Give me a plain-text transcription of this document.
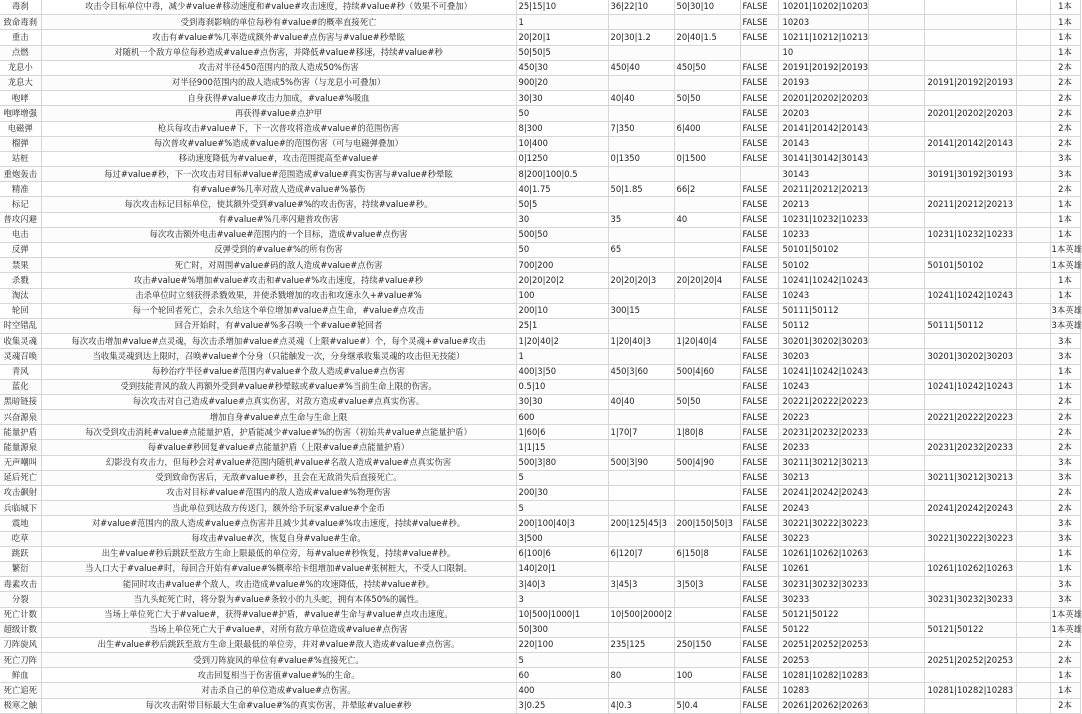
毒刹	攻击令目标单位中毒，减少#value#移动速度和#value#攻击速度，持续#value#秒（效果不可叠加）	25|15|10	36|22|10	50|30|10	FALSE	10201|10202|10203				1本
致命毒刹	受到毒刹影响的单位每秒有#value#的概率直接死亡	1			FALSE	10203				1本
重击	攻击有#value#%几率造成额外#value#点伤害与#value#秒晕眩	20|20|1	20|30|1.2	20|40|1.5	FALSE	10211|10212|10213				1本
点燃	对随机一个敌方单位每秒造成#value#点伤害，并降低#value#移速，持续#value#秒	50|50|5				10				1本
龙息小	攻击对半径450范围内的敌人造成50%伤害	450|30	450|40	450|50	FALSE	20191|20192|20193				2本
龙息大	对半径900范围内的敌人造成5%伤害（与龙息小可叠加）	900|20			FALSE	20193		20191|20192|20193		2本
咆哮	自身获得#value#攻击力加成，#value#%吸血	30|30	40|40	50|50	FALSE	20201|20202|20203				2本
咆哮增强	再获得#value#点护甲	50			FALSE	20203		20201|20202|20203		2本
电磁弹	枪兵每攻击#value#下，下一次普攻将造成#value#的范围伤害	8|300	7|350	6|400	FALSE	20141|20142|20143				2本
榴弹	每次普攻#value#%造成#value#的范围伤害（可与电磁弹叠加）	10|400			FALSE	20143		20141|20142|20143		2本
站桩	移动速度降低为#value#，攻击范围提高至#value#	0|1250	0|1350	0|1500	FALSE	30141|30142|30143				3本
重炮轰击	每过#value#秒，下一次攻击对目标#value#范围造成#value#真实伤害与#value#秒晕眩	8|200|100|0.5				30143		30191|30192|30193		3本
精准	有#value#%几率对敌人造成#value#%暴伤	40|1.75	50|1.85	66|2	FALSE	20211|20212|20213				2本
标记	每次攻击标记目标单位，使其额外受到#value#%的攻击伤害，持续#value#秒。	50|5			FALSE	20213		20211|20212|20213		1本
普攻闪避	有#value#%几率闪避普攻伤害	30	35	40	FALSE	10231|10232|10233				1本
电击	每次攻击额外电击#value#范围内的一个目标，造成#value#点伤害	500|50			FALSE	10233		10231|10232|10233		1本
反弹	反弹受到的#value#%的所有伤害	50	65		FALSE	50101|50102				1本英雄
禁果	死亡时，对周围#value#码的敌人造成#value#点伤害	700|200			FALSE	50102		50101|50102		1本英雄
杀戮	攻击#value#%增加#value#攻击和#value#%攻击速度，持续#value#秒	20|20|20|2	20|20|20|3	20|20|20|4	FALSE	10241|10242|10243				1本
淘汰	击杀单位时立刻获得杀戮效果，并使杀戮增加的攻击和攻速永久+#value#%	100			FALSE	10243		10241|10242|10243		1本
轮回	每一个轮回者死亡，会永久给这个单位增加#value#点生命，#value#点攻击	200|10	300|15		FALSE	50111|50112				3本英雄
时空错乱	回合开始时，有#value#%多召唤一个#value#轮回者	25|1			FALSE	50112		50111|50112		3本英雄
收集灵魂	每次攻击增加#value#点灵魂，每次击杀增加#value#点灵魂（上限#value#）个，每个灵魂+#value#攻击	1|20|40|2	1|20|40|3	1|20|40|4	FALSE	30201|30202|30203				3本
灵魂召唤	当收集灵魂到达上限时，召唤#value#个分身（只能触发一次，分身继承收集灵魂的攻击但无技能）	1			FALSE	30203		30201|30202|30203		3本
青风	每秒治疗半径#value#范围内#value#个敌人造成#value#点伤害	400|3|50	450|3|60	500|4|60	FALSE	10241|10242|10243				1本
蓝化	受到技能青风的敌人再额外受到#value#秒晕眩或#value#%当前生命上限的伤害。	0.5|10			FALSE	10243		10241|10242|10243		1本
黑暗链接	每次攻击对自己造成#value#点真实伤害，对敌方造成#value#点真实伤害。	30|30	40|40	50|50	FALSE	20221|20222|20223				2本
兴奋源泉	增加自身#value#点生命与生命上限	600			FALSE	20223		20221|20222|20223		2本
能量护盾	每次受到攻击消耗#value#点能量护盾，护盾能减少#value#%的伤害（初始共#value#点能量护盾）	1|60|6	1|70|7	1|80|8	FALSE	20231|20232|20233				2本
能量源泉	每#value#秒回复#value#点能量护盾（上限#value#点能量护盾）	1|1|15			FALSE	20233		20231|20232|20233		2本
无声嘲叫	幻影没有攻击力，但每秒会对#value#范围内随机#value#名敌人造成#value#点真实伤害	500|3|80	500|3|90	500|4|90	FALSE	30211|30212|30213				3本
延后死亡	受到致命伤害后，无敌#value#秒，且会在无敌消失后直接死亡。	5			FALSE	30213		30211|30212|30213		3本
攻击飙射	攻击对目标#value#范围内的敌人造成#value#%物理伤害	200|30			FALSE	20241|20242|20243				2本
兵临城下	当此单位到达敌方传送门，额外给予玩家#value#个金币	5			FALSE	20243		20241|20242|20243		2本
震地	对#value#范围内的敌人造成#value#点伤害并且减少其#value#%攻击速度，持续#value#秒。	200|100|40|3	200|125|45|3	200|150|50|3	FALSE	30221|30222|30223				3本
吃草	每攻击#value#次，恢复自身#value#生命。	3|500			FALSE	30223		30221|30222|30223		3本
跳跃	出生#value#秒后跳跃至敌方生命上限最低的单位旁，每#value#秒恢复，持续#value#秒。	6|100|6	6|120|7	6|150|8	FALSE	10261|10262|10263				1本
繁衍	当人口大于#value#时，每回合开始有#value#%概率给卡组增加#value#张树桩大，不受人口限制。	140|20|1			FALSE	10261		10261|10262|10263		1本
毒素攻击	能同时攻击#value#个敌人，攻击造成#value#%的攻速降低，持续#value#秒。	3|40|3	3|45|3	3|50|3	FALSE	30231|30232|30233				3本
分裂	当九头蛇死亡时，将分裂为#value#条较小的九头蛇，拥有本体50%的属性。	3			FALSE	30233		30231|30232|30233		3本
死亡计数	当场上单位死亡大于#value#，获得#value#护盾，#value#生命与#value#点攻击速度。	10|500|1000|1	10|500|2000|2		FALSE	50121|50122				1本英雄
超级计数	当场上单位死亡大于#value#，对所有敌方单位造成#value#点伤害	50|300			FALSE	50122		50121|50122		1本英雄
刀阵旋风	出生#value#秒后跳跃至敌方生命上限最低的单位旁，并对#value#敌人造成#value#点伤害。	220|100	235|125	250|150	FALSE	20251|20252|20253				2本
死亡刀阵	受到刀阵旋风的单位有#value#%直接死亡。	5			FALSE	20253		20251|20252|20253		2本
鲜血	攻击回复相当于伤害值#value#%的生命。	60	80	100	FALSE	10281|10282|10283				1本
死亡追死	对击杀自己的单位造成#value#点伤害。	400			FALSE	10283		10281|10282|10283		1本
极寒之触	每次攻击附带目标最大生命#value#%的真实伤害，并晕眩#value#秒	3|0.25	4|0.3	5|0.4	FALSE	20261|20262|20263				2本
